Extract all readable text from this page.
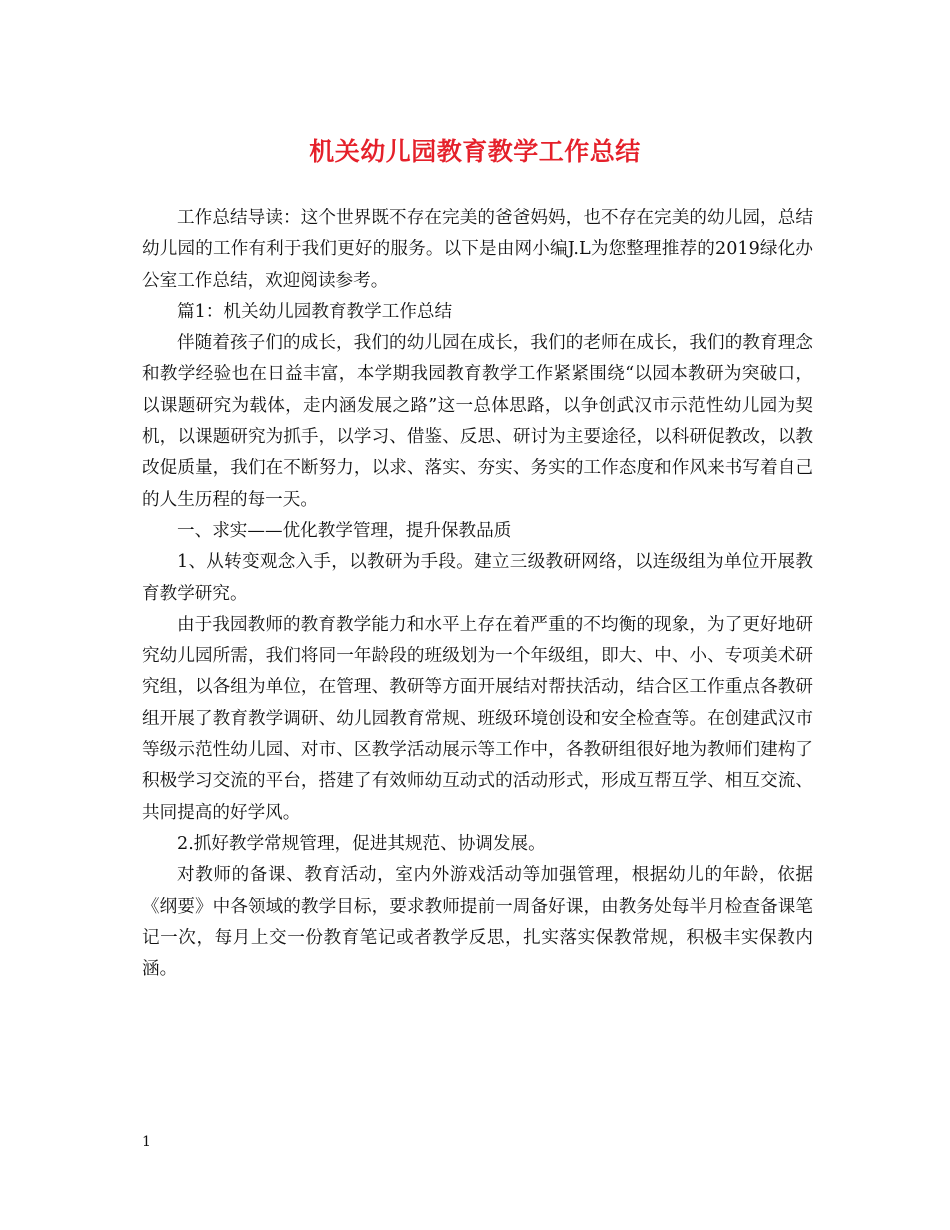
机关幼儿园教育教学工作总结

工作总结导读：这个世界既不存在完美的爸爸妈妈，也不存在完美的幼儿园，总结幼儿园的工作有利于我们更好的服务。以下是由网小编J.L为您整理推荐的2019绿化办公室工作总结，欢迎阅读参考。

篇1：机关幼儿园教育教学工作总结

伴随着孩子们的成长，我们的幼儿园在成长，我们的老师在成长，我们的教育理念和教学经验也在日益丰富，本学期我园教育教学工作紧紧围绕“以园本教研为突破口，以课题研究为载体，走内涵发展之路”这一总体思路，以争创武汉市示范性幼儿园为契机，以课题研究为抓手，以学习、借鉴、反思、研讨为主要途径，以科研促教改，以教改促质量，我们在不断努力，以求、落实、夯实、务实的工作态度和作风来书写着自己的人生历程的每一天。

一、求实——优化教学管理，提升保教品质

1、从转变观念入手，以教研为手段。建立三级教研网络，以连级组为单位开展教育教学研究。

由于我园教师的教育教学能力和水平上存在着严重的不均衡的现象，为了更好地研究幼儿园所需，我们将同一年龄段的班级划为一个年级组，即大、中、小、专项美术研究组，以各组为单位，在管理、教研等方面开展结对帮扶活动，结合区工作重点各教研组开展了教育教学调研、幼儿园教育常规、班级环境创设和安全检查等。在创建武汉市等级示范性幼儿园、对市、区教学活动展示等工作中，各教研组很好地为教师们建构了积极学习交流的平台，搭建了有效师幼互动式的活动形式，形成互帮互学、相互交流、共同提高的好学风。

2.抓好教学常规管理，促进其规范、协调发展。

对教师的备课、教育活动，室内外游戏活动等加强管理，根据幼儿的年龄，依据《纲要》中各领域的教学目标，要求教师提前一周备好课，由教务处每半月检查备课笔记一次，每月上交一份教育笔记或者教学反思，扎实落实保教常规，积极丰实保教内涵。

1
